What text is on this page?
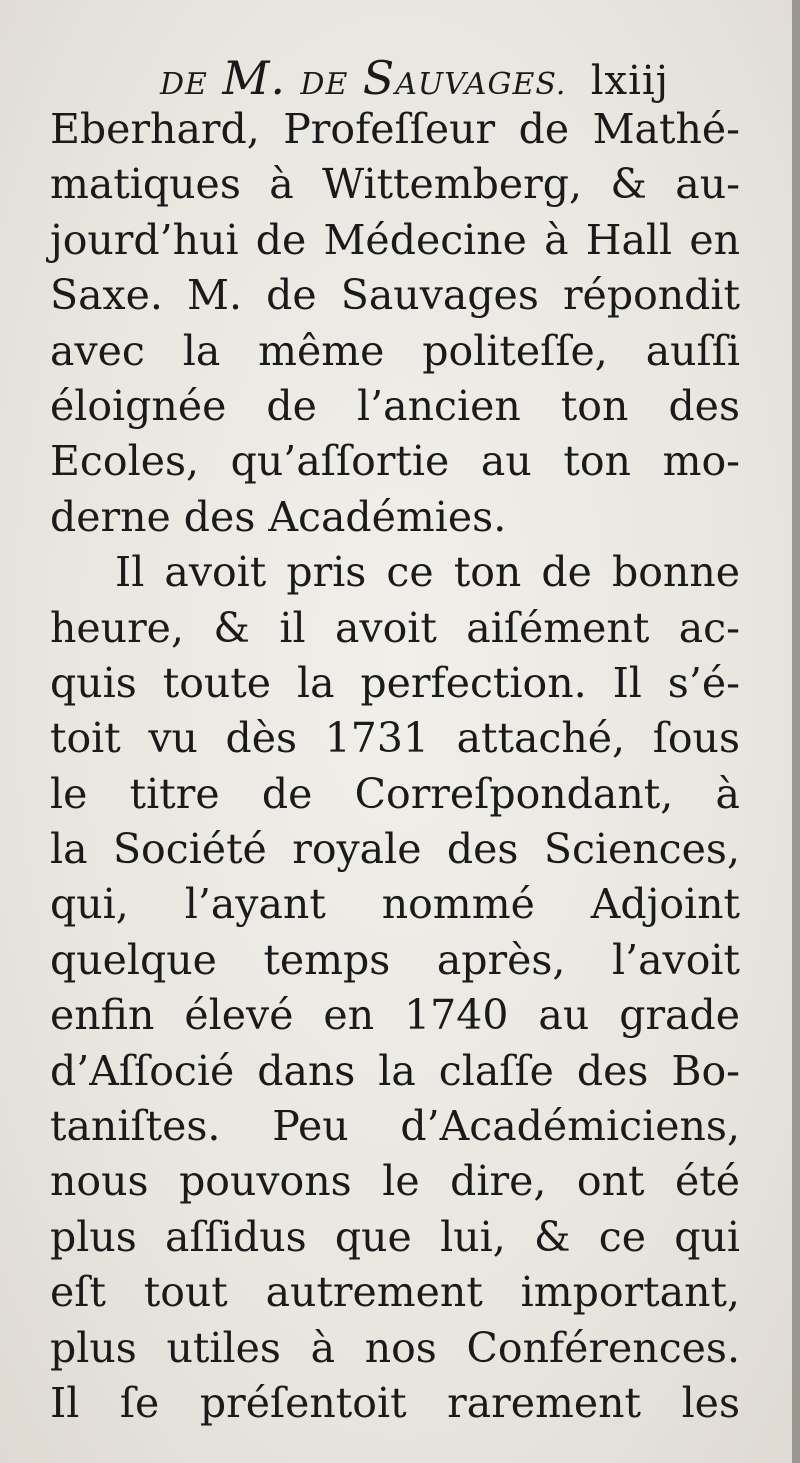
DE M. DE SAUVAGES. lxiij
Eberhard, Profeſſeur de Mathé-
matiques à Wittemberg, & au-
jourd’hui de Médecine à Hall en
Saxe. M. de Sauvages répondit
avec la même politeſſe, auſſi
éloignée de l’ancien ton des
Ecoles, qu’aſſortie au ton mo-
derne des Académies.
Il avoit pris ce ton de bonne
heure, & il avoit aiſément ac-
quis toute la perfection. Il s’é-
toit vu dès 1731 attaché, ſous
le titre de Correſpondant, à
la Société royale des Sciences,
qui, l’ayant nommé Adjoint
quelque temps après, l’avoit
enfin élevé en 1740 au grade
d’Aſſocié dans la claſſe des Bo-
taniſtes. Peu d’Académiciens,
nous pouvons le dire, ont été
plus aſſidus que lui, & ce qui
eſt tout autrement important,
plus utiles à nos Conférences.
Il ſe préſentoit rarement les
